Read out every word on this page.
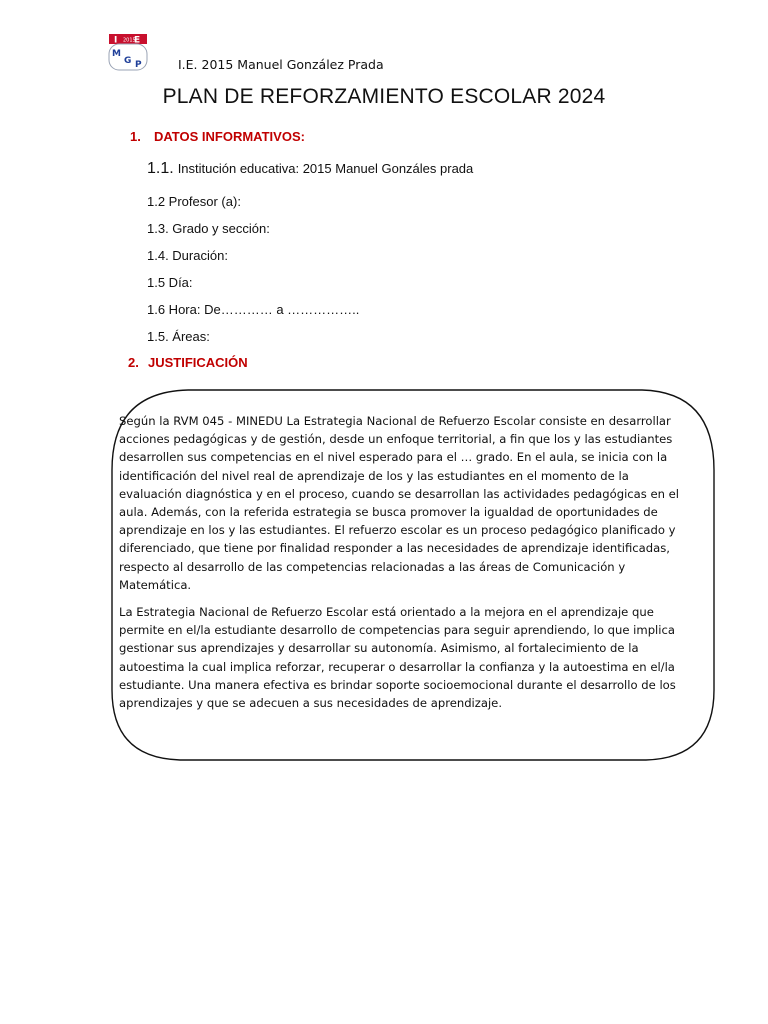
I E
2015
M
G P	I.E. 2015 Manuel González Prada
PLAN DE REFORZAMIENTO ESCOLAR 2024
1. DATOS INFORMATIVOS:
1.1. Institución educativa: 2015 Manuel Gonzáles prada
1.2 Profesor (a):
1.3. Grado y sección:
1.4. Duración:
1.5 Día:
1.6 Hora: De………… a ……………..
1.5. Áreas:
2. JUSTIFICACIÓN

Según la RVM 045 - MINEDU La Estrategia Nacional de Refuerzo Escolar consiste en desarrollar acciones pedagógicas y de gestión, desde un enfoque territorial, a fin que los y las estudiantes desarrollen sus competencias en el nivel esperado para el … grado. En el aula, se inicia con la identificación del nivel real de aprendizaje de los y las estudiantes en el momento de la evaluación diagnóstica y en el proceso, cuando se desarrollan las actividades pedagógicas en el aula. Además, con la referida estrategia se busca promover la igualdad de oportunidades de aprendizaje en los y las estudiantes. El refuerzo escolar es un proceso pedagógico planificado y diferenciado, que tiene por finalidad responder a las necesidades de aprendizaje identificadas, respecto al desarrollo de las competencias relacionadas a las áreas de Comunicación y Matemática.

La Estrategia Nacional de Refuerzo Escolar está orientado a la mejora en el aprendizaje que permite en el/la estudiante desarrollo de competencias para seguir aprendiendo, lo que implica gestionar sus aprendizajes y desarrollar su autonomía. Asimismo, al fortalecimiento de la autoestima la cual implica reforzar, recuperar o desarrollar la confianza y la autoestima en el/la estudiante. Una manera efectiva es brindar soporte socioemocional durante el desarrollo de los aprendizajes y que se adecuen a sus necesidades de aprendizaje.
